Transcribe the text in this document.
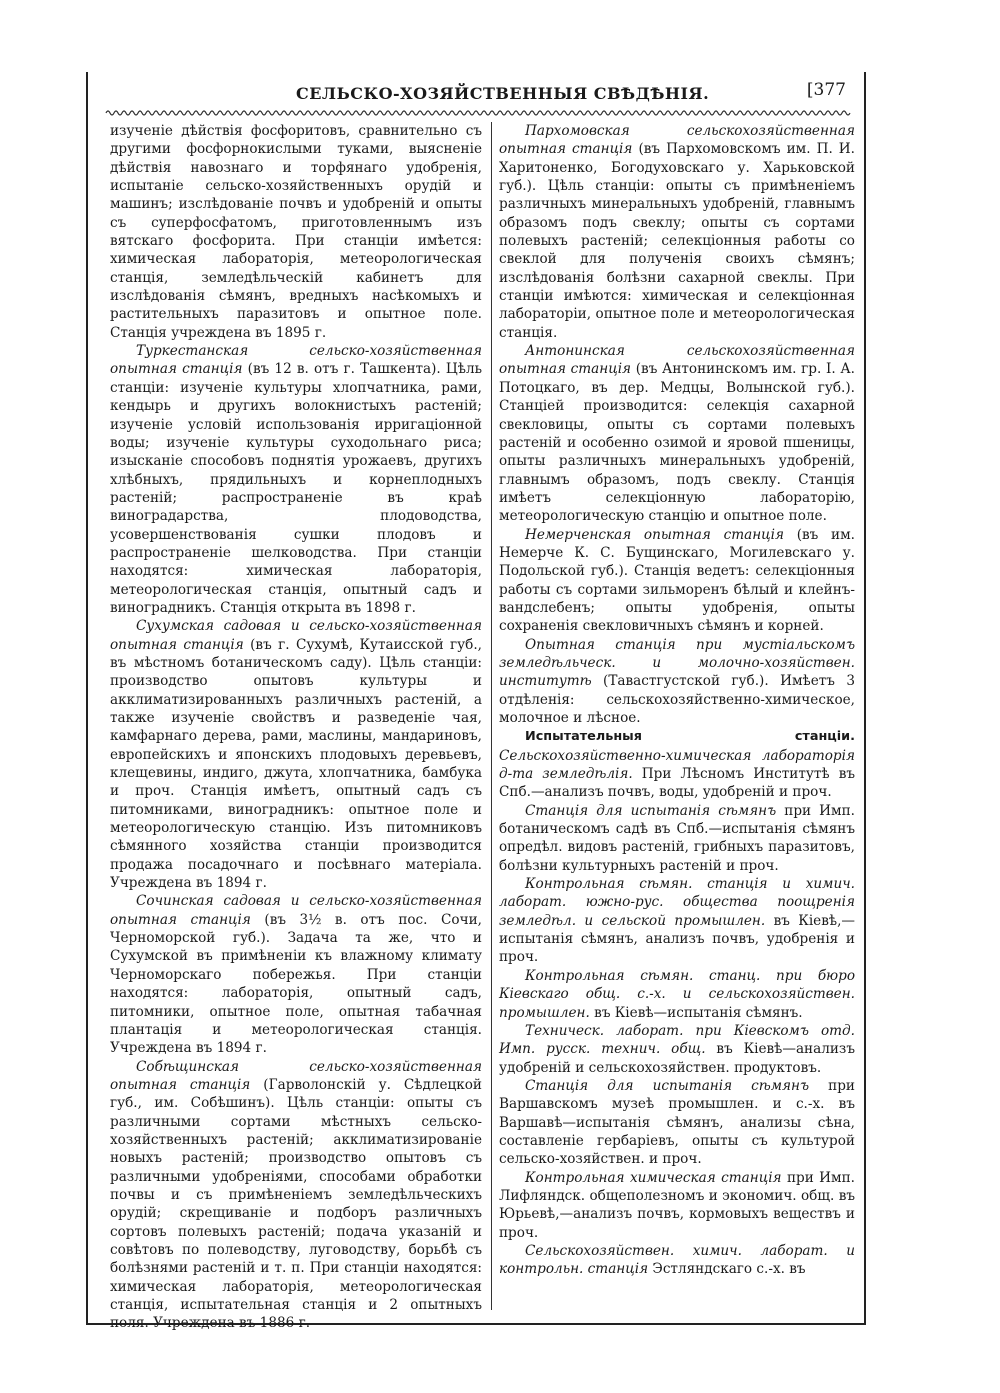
СЕЛЬСКО-ХОЗЯЙСТВЕННЫЯ СВѢДѢНІЯ.	[377

изученіе дѣйствія фосфоритовъ, сравнительно съ другими фосфорнокислыми туками, выясненіе дѣйствія навознаго и торфянаго удобренія, испытаніе сельско-хозяйственныхъ орудій и машинъ; изслѣдованіе почвъ и удобреній и опыты съ суперфосфатомъ, приготовленнымъ изъ вятскаго фосфорита. При станціи имѣется: химическая лабораторія, метеорологическая станція, земледѣльческій кабинетъ для изслѣдованія сѣмянъ, вредныхъ насѣкомыхъ и растительныхъ паразитовъ и опытное поле. Станція учреждена въ 1895 г.

Туркестанская сельско-хозяйственная опытная станція (въ 12 в. отъ г. Ташкента). Цѣль станціи: изученіе культуры хлопчатника, рами, кендырь и другихъ волокнистыхъ растеній; изученіе условій использованія ирригаціонной воды; изученіе культуры суходольнаго риса; изысканіе способовъ поднятія урожаевъ, другихъ хлѣбныхъ, прядильныхъ и корнеплодныхъ растеній; распространеніе въ краѣ виноградарства, плодоводства, усовершенствованія сушки плодовъ и распространеніе шелководства. При станціи находятся: химическая лабораторія, метеорологическая станція, опытный садъ и виноградникъ. Станція открыта въ 1898 г.

Сухумская садовая и сельско-хозяйственная опытная станція (въ г. Сухумѣ, Кутаисской губ., въ мѣстномъ ботаническомъ саду). Цѣль станціи: производство опытовъ культуры и акклиматизированныхъ различныхъ растеній, а также изученіе свойствъ и разведеніе чая, камфарнаго дерева, рами, маслины, мандариновъ, европейскихъ и японскихъ плодовыхъ деревьевъ, клещевины, индиго, джута, хлопчатника, бамбука и проч. Станція имѣетъ, опытный садъ съ питомниками, виноградникъ: опытное поле и метеорологическую станцію. Изъ питомниковъ сѣмянного хозяйства станціи производится продажа посадочнаго и посѣвнаго матеріала. Учреждена въ 1894 г.

Сочинская садовая и сельско-хозяйственная опытная станція (въ 3½ в. отъ пос. Сочи, Черноморской губ.). Задача та же, что и Сухумской въ примѣненіи къ влажному климату Черноморскаго побережья. При станціи находятся: лабораторія, опытный садъ, питомники, опытное поле, опытная табачная плантація и метеорологическая станція. Учреждена въ 1894 г.

Собѣщинская сельско-хозяйственная опытная станція (Гарволонскій у. Сѣдлецкой губ., им. Собѣшинъ). Цѣль станціи: опыты съ различными сортами мѣстныхъ сельско-хозяйственныхъ растеній; акклиматизированіе новыхъ растеній; производство опытовъ съ различными удобреніями, способами обработки почвы и съ примѣненіемъ земледѣльческихъ орудій; скрещиваніе и подборъ различныхъ сортовъ полевыхъ растеній; подача указаній и совѣтовъ по полеводству, луговодству, борьбѣ съ болѣзнями растеній и т. п. При станціи находятся: химическая лабораторія, метеорологическая станція, испытательная станція и 2 опытныхъ поля. Учреждена въ 1886 г.

Пархомовская сельскохозяйственная опытная станція (въ Пархомовскомъ им. П. И. Харитоненко, Богодуховскаго у. Харьковской губ.). Цѣль станціи: опыты съ примѣненіемъ различныхъ минеральныхъ удобреній, главнымъ образомъ подъ свеклу; опыты съ сортами полевыхъ растеній; селекціонныя работы со свеклой для полученія своихъ сѣмянъ; изслѣдованія болѣзни сахарной свеклы. При станціи имѣются: химическая и селекціонная лабораторіи, опытное поле и метеорологическая станція.

Антонинская сельскохозяйственная опытная станція (въ Антонинскомъ им. гр. І. А. Потоцкаго, въ дер. Медцы, Волынской губ.). Станціей производится: селекція сахарной свекловицы, опыты съ сортами полевыхъ растеній и особенно озимой и яровой пшеницы, опыты различныхъ минеральныхъ удобреній, главнымъ образомъ, подъ свеклу. Станція имѣетъ селекціонную лабораторію, метеорологическую станцію и опытное поле.

Немерченская опытная станція (въ им. Немерче К. С. Бущинскаго, Могилевскаго у. Подольской губ.). Станція ведетъ: селекціонныя работы съ сортами зильморенъ бѣлый и клейнъ-вандслебенъ; опыты удобренія, опыты сохраненія свекловичныхъ сѣмянъ и корней.

Опытная станція при мустіальскомъ земледѣльческ. и молочно-хозяйствен. институтѣ (Тавастгустской губ.). Имѣетъ 3 отдѣленія: сельскохозяйственно-химическое, молочное и лѣсное.

Испытательныя станціи. Сельскохозяйственно-химическая лабораторія д-та земледѣлія. При Лѣсномъ Институтѣ въ Спб.—анализъ почвъ, воды, удобреній и проч.

Станція для испытанія сѣмянъ при Имп. ботаническомъ садѣ въ Спб.—испытанія сѣмянъ опредѣл. видовъ растеній, грибныхъ паразитовъ, болѣзни культурныхъ растеній и проч.

Контрольная сѣмян. станція и химич. лаборат. южно-рус. общества поощренія земледѣл. и сельской промышлен. въ Кіевѣ,—испытанія сѣмянъ, анализъ почвъ, удобренія и проч.

Контрольная сѣмян. станц. при бюро Кіевскаго общ. с.-х. и сельскохозяйствен. промышлен. въ Кіевѣ—испытанія сѣмянъ.

Техническ. лаборат. при Кіевскомъ отд. Имп. русск. технич. общ. въ Кіевѣ—анализъ удобреній и сельскохозяйствен. продуктовъ.

Станція для испытанія сѣмянъ при Варшавскомъ музеѣ промышлен. и с.-х. въ Варшавѣ—испытанія сѣмянъ, анализы сѣна, составленіе гербаріевъ, опыты съ культурой сельско-хозяйствен. и проч.

Контрольная химическая станція при Имп. Лифляндск. общеполезномъ и экономич. общ. въ Юрьевѣ,—анализъ почвъ, кормовыхъ веществъ и проч.

Сельскохозяйствен. химич. лаборат. и контрольн. станція Эстляндскаго с.-х. въ
